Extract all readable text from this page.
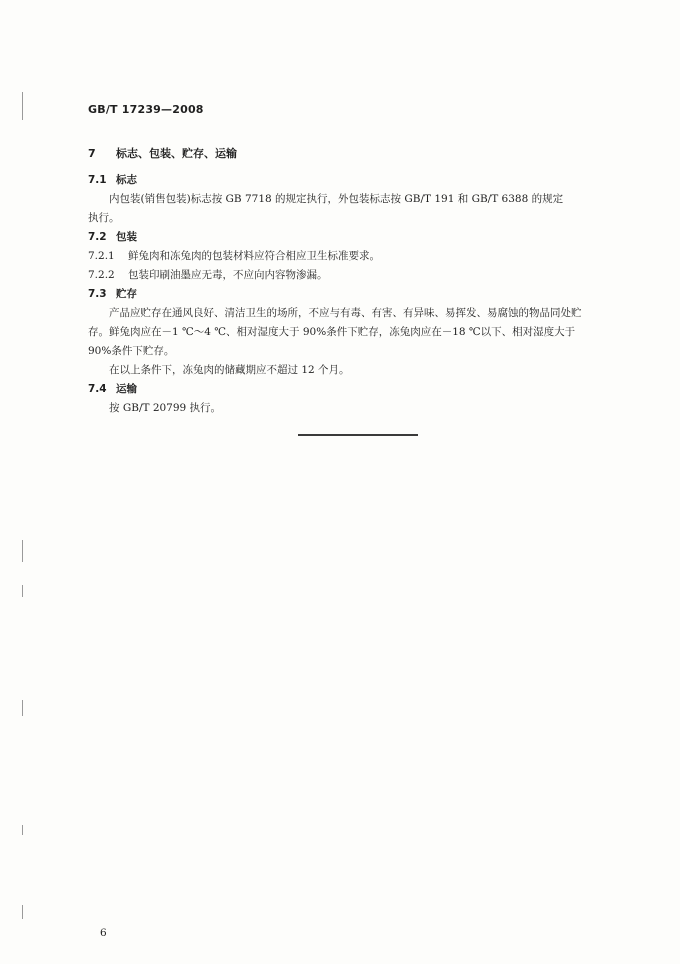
GB/T 17239—2008
7 标志、包装、贮存、运输
7.1 标志
内包装(销售包装)标志按 GB 7718 的规定执行，外包装标志按 GB/T 191 和 GB/T 6388 的规定
执行。
7.2 包装
7.2.1 鲜兔肉和冻兔肉的包装材料应符合相应卫生标准要求。
7.2.2 包装印刷油墨应无毒，不应向内容物渗漏。
7.3 贮存
产品应贮存在通风良好、清洁卫生的场所，不应与有毒、有害、有异味、易挥发、易腐蚀的物品同处贮
存。鲜兔肉应在－1 ℃～4 ℃、相对湿度大于 90%条件下贮存，冻兔肉应在－18 ℃以下、相对湿度大于
90%条件下贮存。
在以上条件下，冻兔肉的储藏期应不超过 12 个月。
7.4 运输
按 GB/T 20799 执行。
6
